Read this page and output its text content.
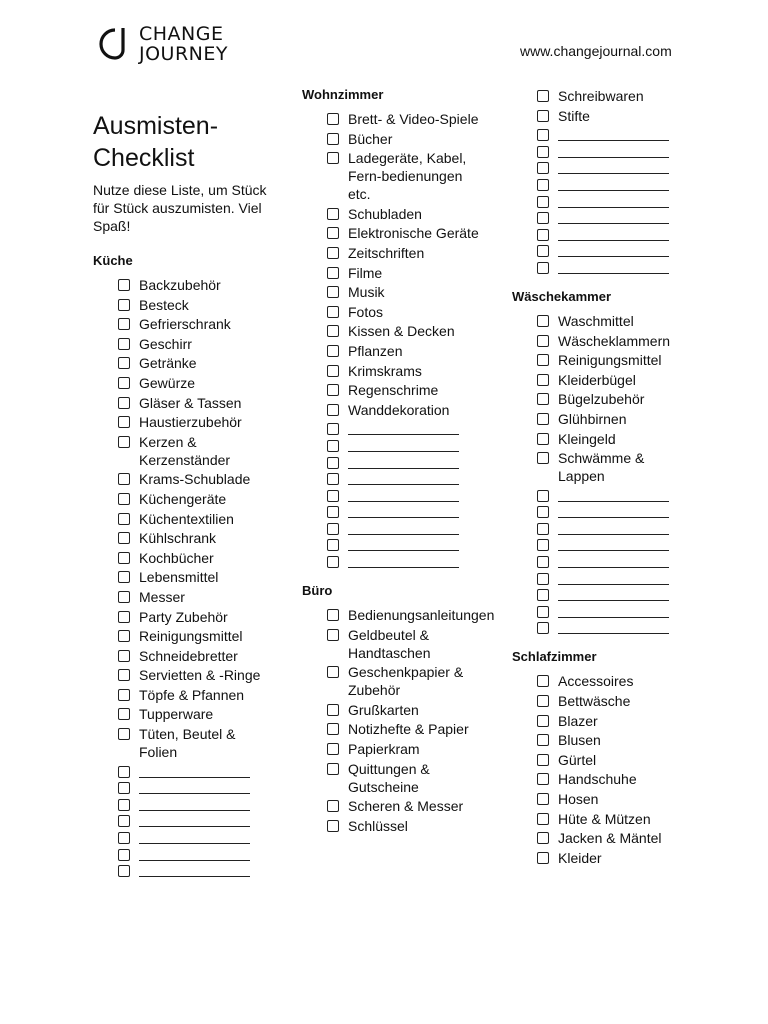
CHANGE
JOURNEY	www.changejournal.com
Ausmisten-Checklist

Nutze diese Liste, um Stück für Stück auszumisten. Viel Spaß!

Küche
Backzubehör
Besteck
Gefrierschrank
Geschirr
Getränke
Gewürze
Gläser & Tassen
Haustierzubehör
Kerzen & Kerzenständer
Krams-Schublade
Küchengeräte
Küchentextilien
Kühlschrank
Kochbücher
Lebensmittel
Messer
Party Zubehör
Reinigungsmittel
Schneidebretter
Servietten & -Ringe
Töpfe & Pfannen
Tupperware
Tüten, Beutel & Folien
Wohnzimmer
Brett- & Video-Spiele
Bücher
Ladegeräte, Kabel, Fern-bedienungen etc.
Schubladen
Elektronische Geräte
Zeitschriften
Filme
Musik
Fotos
Kissen & Decken
Pflanzen
Krimskrams
Regenschrime
Wanddekoration
Büro
Bedienungsanleitungen
Geldbeutel & Handtaschen
Geschenkpapier & Zubehör
Grußkarten
Notizhefte & Papier
Papierkram
Quittungen & Gutscheine
Scheren & Messer
Schlüssel
Schreibwaren
Stifte
Wäschekammer
Waschmittel
Wäscheklammern
Reinigungsmittel
Kleiderbügel
Bügelzubehör
Glühbirnen
Kleingeld
Schwämme & Lappen
Schlafzimmer
Accessoires
Bettwäsche
Blazer
Blusen
Gürtel
Handschuhe
Hosen
Hüte & Mützen
Jacken & Mäntel
Kleider
